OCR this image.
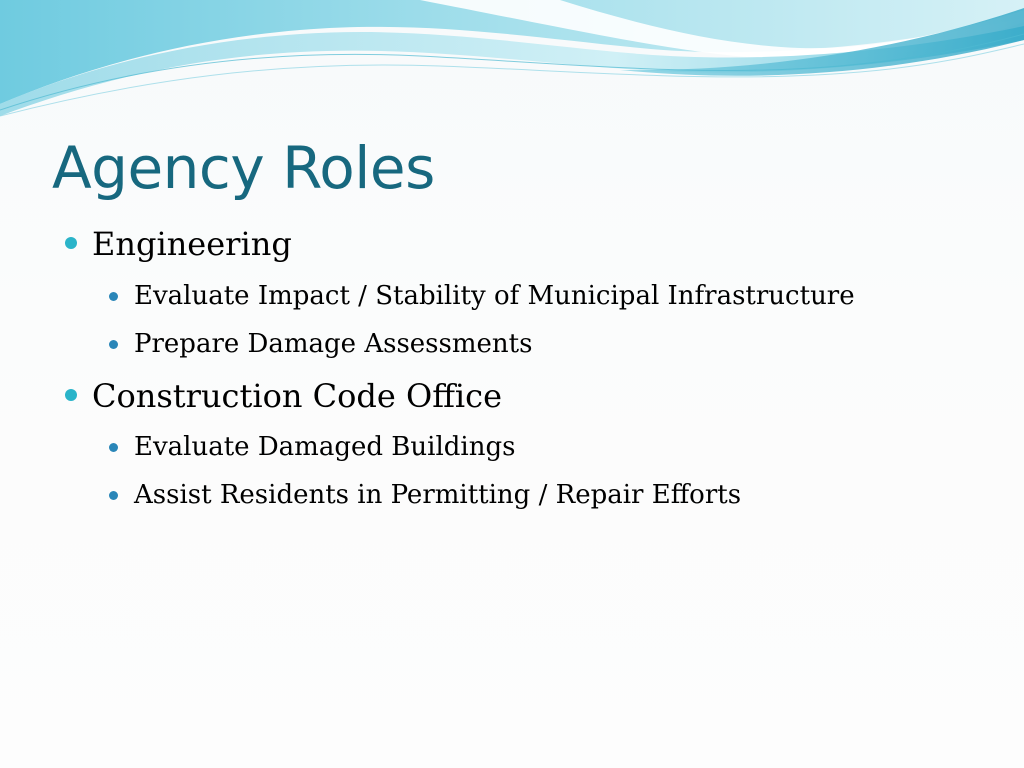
Agency Roles
Engineering
Evaluate Impact / Stability of Municipal Infrastructure
Prepare Damage Assessments
Construction Code Office
Evaluate Damaged Buildings
Assist Residents in Permitting / Repair Efforts
